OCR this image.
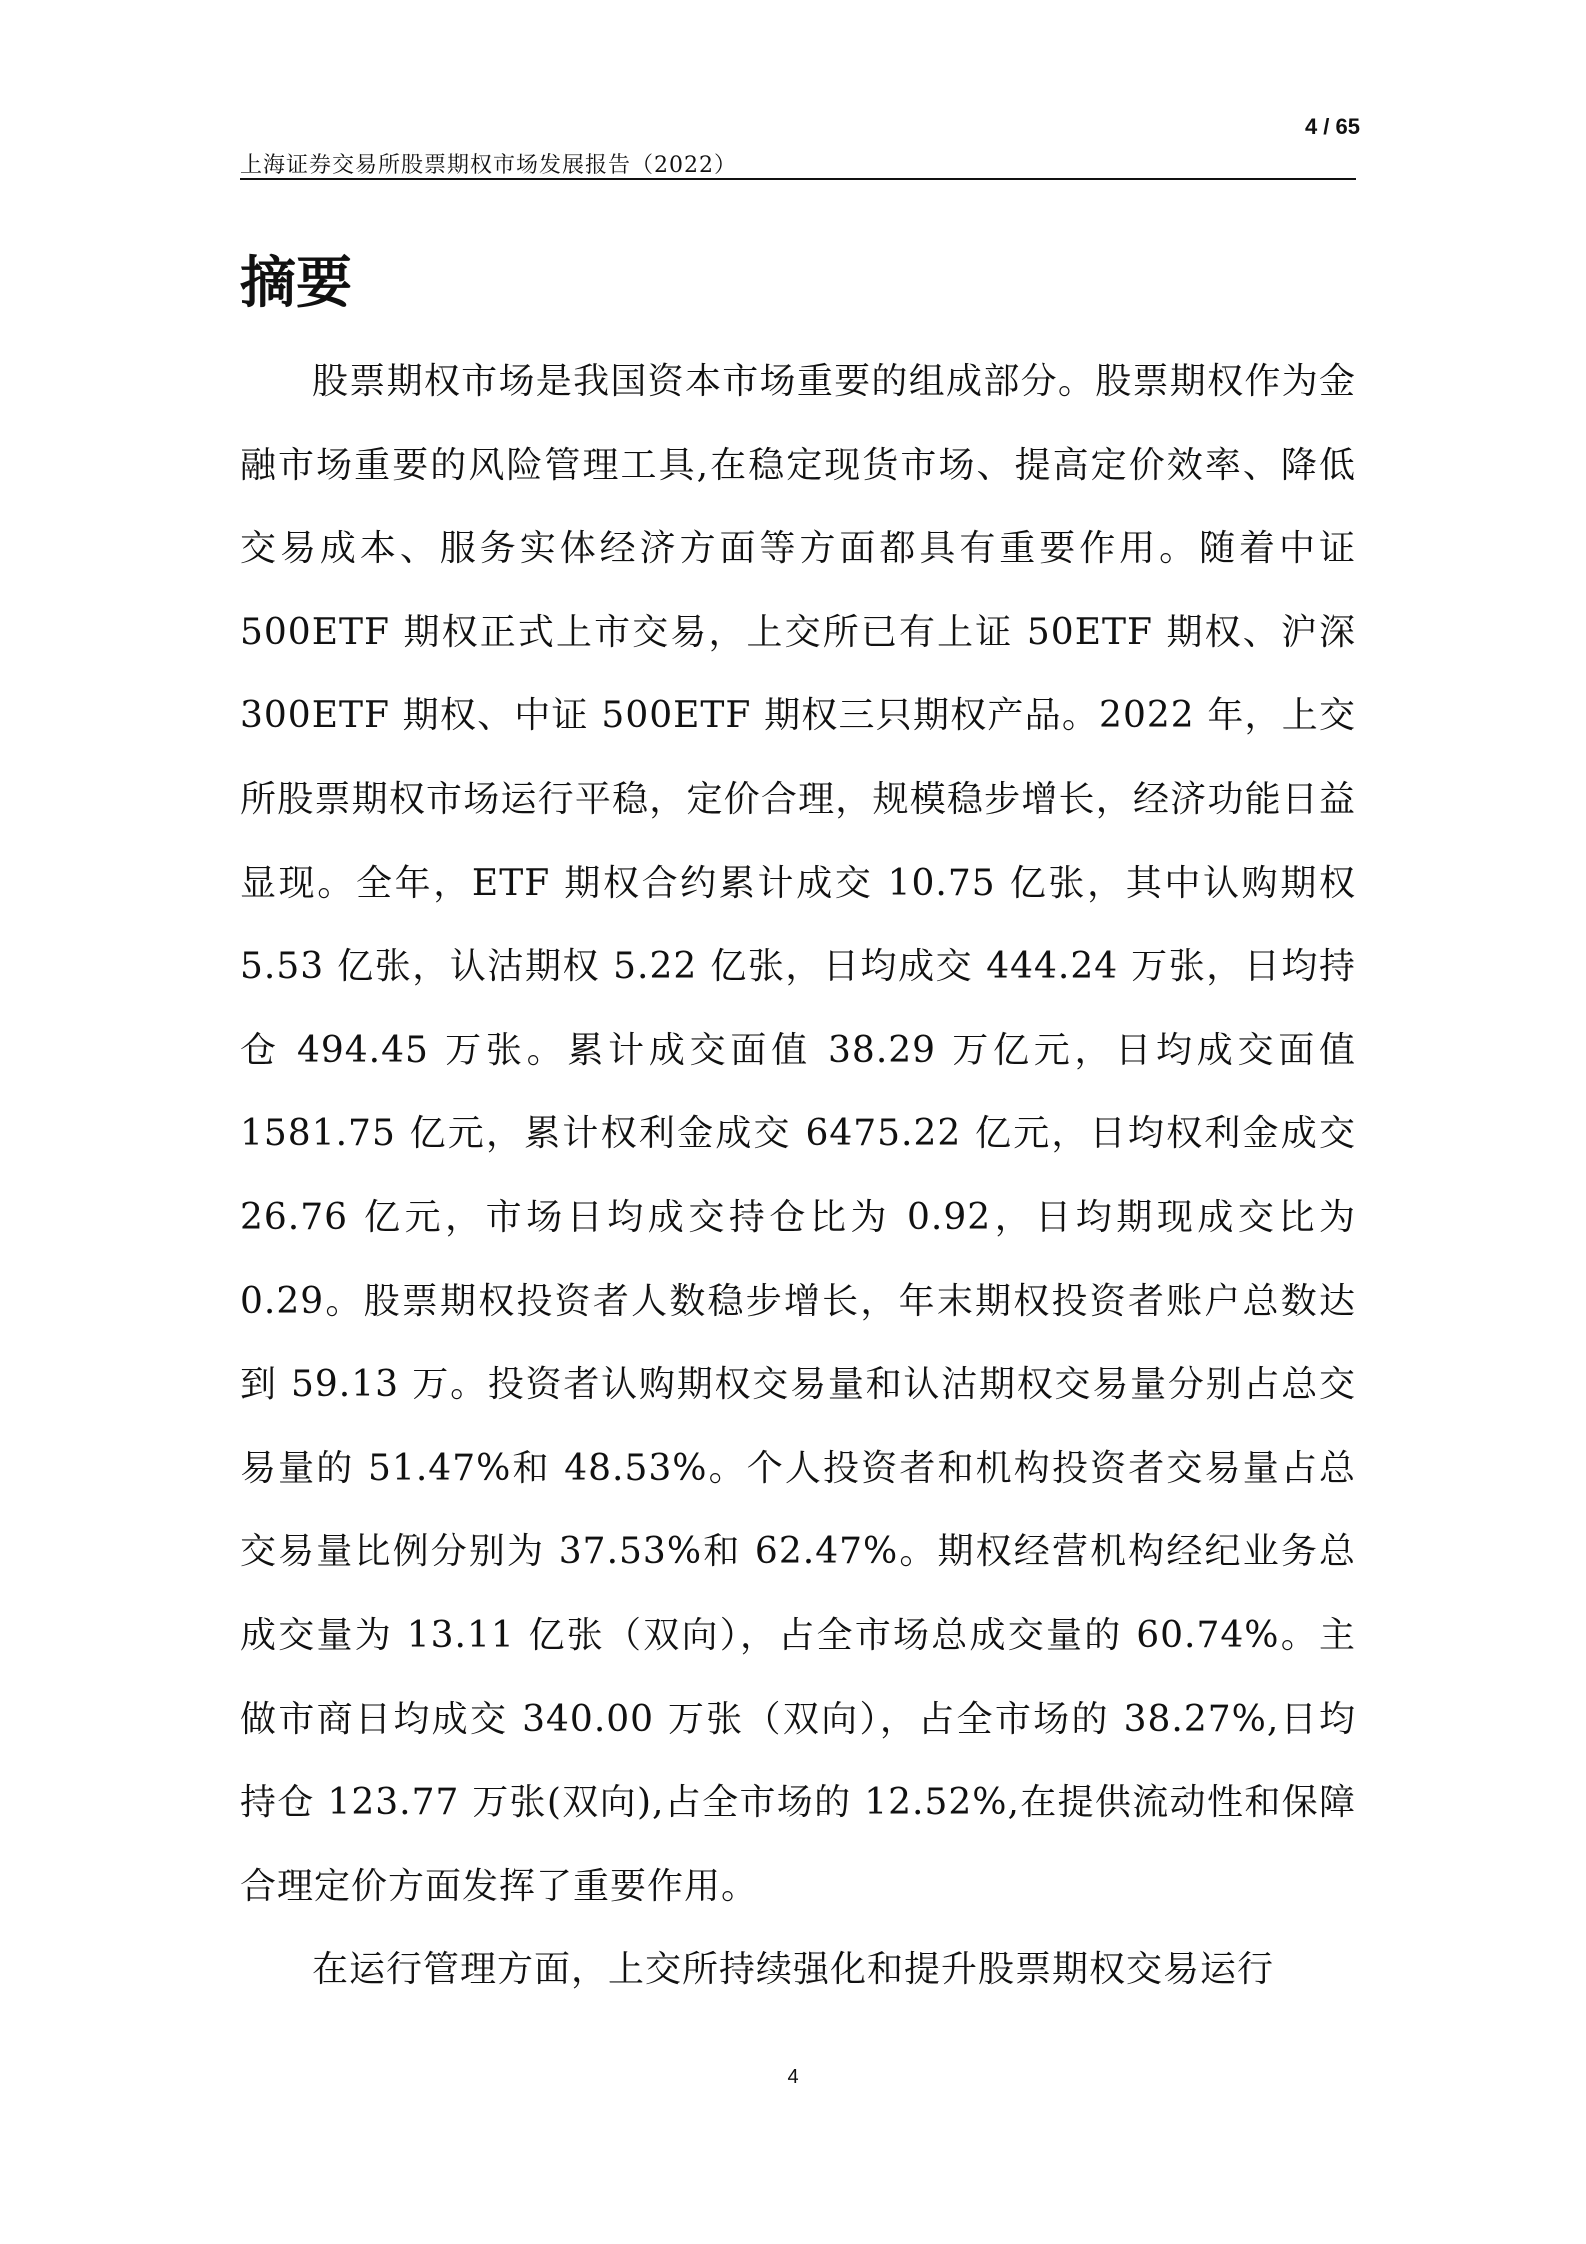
4 / 65
上海证券交易所股票期权市场发展报告（2022）
摘要

股票期权市场是我国资本市场重要的组成部分。股票期权作为金融市场重要的风险管理工具,在稳定现货市场、提高定价效率、降低交易成本、服务实体经济方面等方面都具有重要作用。随着中证 500ETF 期权正式上市交易，上交所已有上证 50ETF 期权、沪深 300ETF 期权、中证 500ETF 期权三只期权产品。2022 年，上交所股票期权市场运行平稳，定价合理，规模稳步增长，经济功能日益显现。全年，ETF 期权合约累计成交 10.75 亿张，其中认购期权 5.53 亿张，认沽期权 5.22 亿张，日均成交 444.24 万张，日均持仓 494.45 万张。累计成交面值 38.29 万亿元，日均成交面值 1581.75 亿元，累计权利金成交 6475.22 亿元，日均权利金成交 26.76 亿元，市场日均成交持仓比为 0.92，日均期现成交比为 0.29。股票期权投资者人数稳步增长，年末期权投资者账户总数达到 59.13 万。投资者认购期权交易量和认沽期权交易量分别占总交易量的 51.47%和 48.53%。个人投资者和机构投资者交易量占总交易量比例分别为 37.53%和 62.47%。期权经营机构经纪业务总成交量为 13.11 亿张（双向），占全市场总成交量的 60.74%。主做市商日均成交 340.00 万张（双向），占全市场的 38.27%,日均持仓 123.77 万张(双向),占全市场的 12.52%,在提供流动性和保障合理定价方面发挥了重要作用。

在运行管理方面，上交所持续强化和提升股票期权交易运行

4
